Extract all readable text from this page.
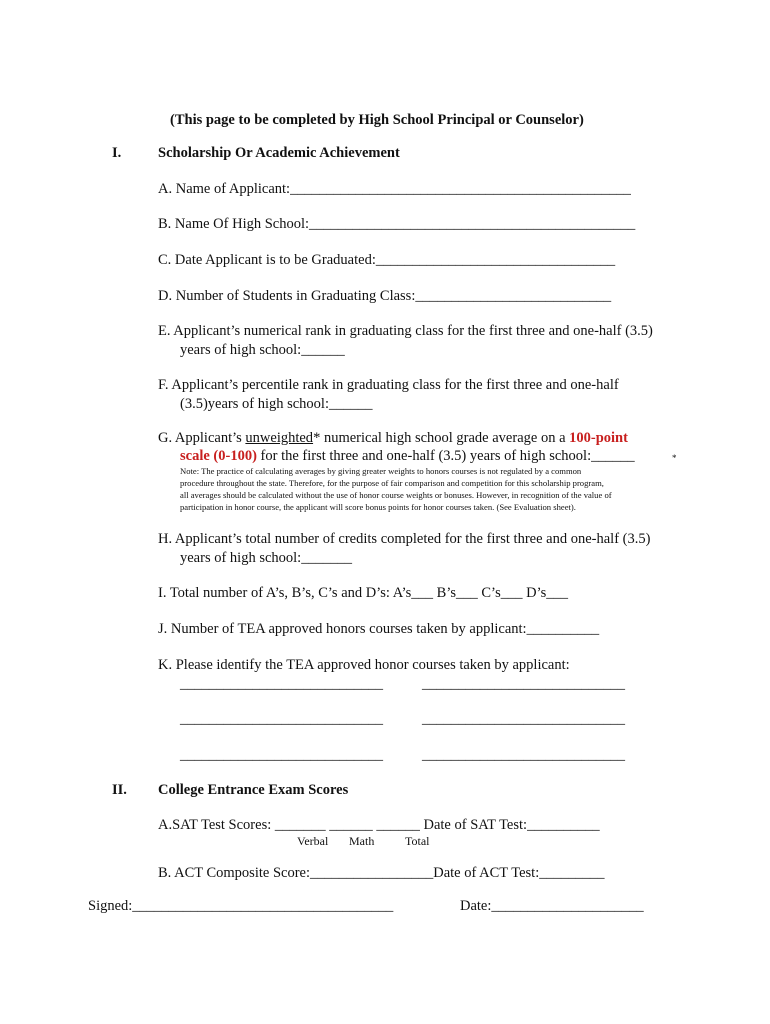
(This page to be completed by High School Principal or Counselor)
I.	Scholarship Or Academic Achievement
A. Name of Applicant:_______________________________________________
B. Name Of High School:_____________________________________________
C. Date Applicant is to be Graduated:_________________________________
D. Number of Students in Graduating Class:___________________________
E. Applicant’s numerical rank in graduating class for the first three and one-half (3.5)
years of high school:______
F. Applicant’s percentile rank in graduating class for the first three and one-half
(3.5)years of high school:______
G. Applicant’s unweighted* numerical high school grade average on a 100-point
scale (0-100) for the first three and one-half (3.5) years of high school:______	*
Note: The practice of calculating averages by giving greater weights to honors courses is not regulated by a common
procedure throughout the state. Therefore, for the purpose of fair comparison and competition for this scholarship program,
all averages should be calculated without the use of honor course weights or bonuses. However, in recognition of the value of
participation in honor course, the applicant will score bonus points for honor courses taken. (See Evaluation sheet).
H. Applicant’s total number of credits completed for the first three and one-half (3.5)
years of high school:_______
I. Total number of A’s, B’s, C’s and D’s: A’s___ B’s___ C’s___ D’s___
J. Number of TEA approved honors courses taken by applicant:__________
K. Please identify the TEA approved honor courses taken by applicant:
____________________________	____________________________
____________________________	____________________________
____________________________	____________________________
II. College Entrance Exam Scores
A.SAT Test Scores: _______ ______ ______ Date of SAT Test:__________
Verbal Math	Total
B. ACT Composite Score:_________________Date of ACT Test:_________
Signed:____________________________________	Date:_____________________
